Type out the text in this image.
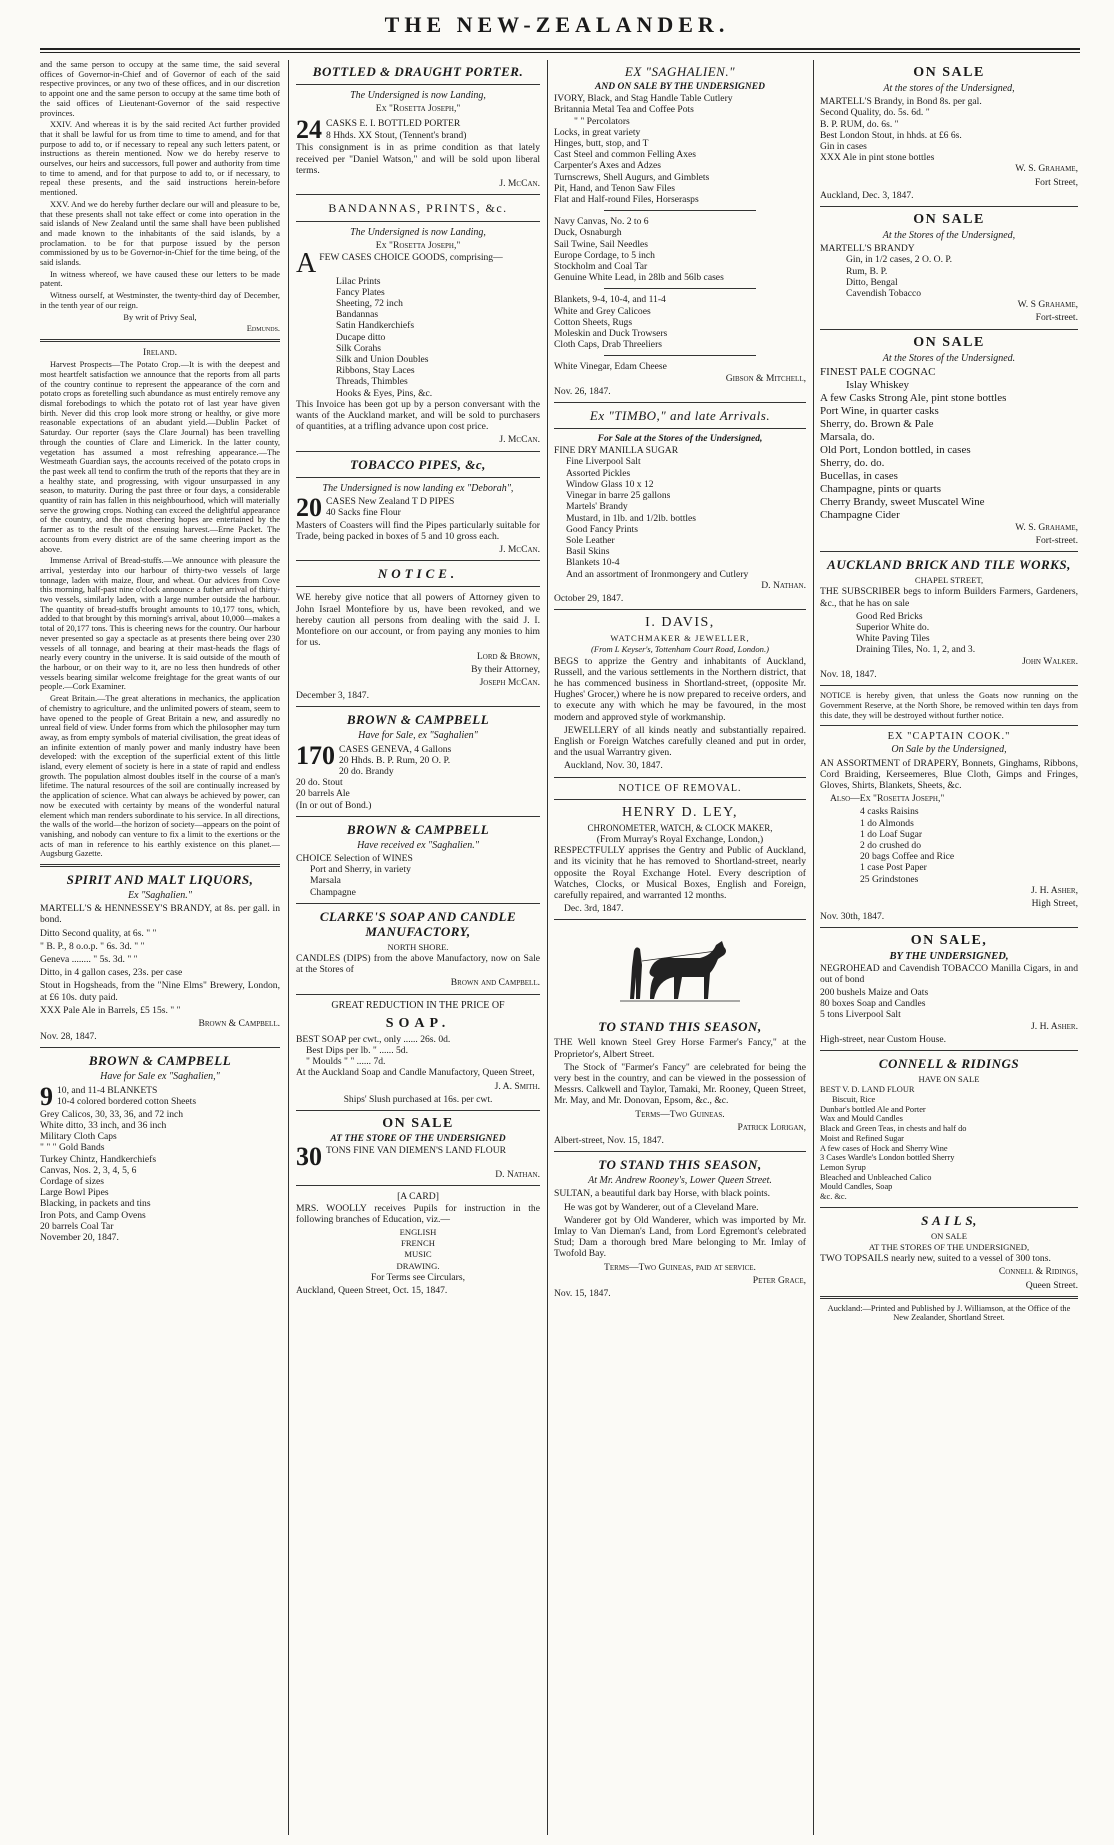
THE NEW-ZEALANDER.

and the same person to occupy at the same time, the said several offices of Governor-in-Chief and of Governor of each of the said respective provinces, or any two of these offices, and in our discretion to appoint one and the same person to occupy at the same time both of the said offices of Lieutenant-Governor of the said respective provinces.

XXIV. And whereas it is by the said recited Act further provided that it shall be lawful for us from time to time to amend, and for that purpose to add to, or if necessary to repeal any such letters patent, or instructions as therein mentioned. Now we do hereby reserve to ourselves, our heirs and successors, full power and authority from time to time to amend, and for that purpose to add to, or if necessary, to repeal these presents, and the said instructions herein-before mentioned.

XXV. And we do hereby further declare our will and pleasure to be, that these presents shall not take effect or come into operation in the said islands of New Zealand until the same shall have been published and made known to the inhabitants of the said islands, by a proclamation. to be for that purpose issued by the person commissioned by us to be Governor-in-Chief for the time being, of the said islands.

In witness whereof, we have caused these our letters to be made patent.

Witness ourself, at Westminster, the twenty-third day of December, in the tenth year of our reign.

By writ of Privy Seal,

Edmunds.

Ireland.

Harvest Prospects—The Potato Crop.—It is with the deepest and most heartfelt satisfaction we announce that the reports from all parts of the country continue to represent the appearance of the corn and potato crops as foretelling such abundance as must entirely remove any dismal forebodings to which the potato rot of last year have given birth. Never did this crop look more strong or healthy, or give more reasonable expectations of an abudant yield.—Dublin Packet of Saturday. Our reporter (says the Clare Journal) has been travelling through the counties of Clare and Limerick. In the latter county, vegetation has assumed a most refreshing appearance.—The Westmeath Guardian says, the accounts received of the potato crops in the past week all tend to confirm the truth of the reports that they are in a healthy state, and progressing, with vigour unsurpassed in any season, to maturity. During the past three or four days, a considerable quantity of rain has fallen in this neighbourhood, which will materially serve the growing crops. Nothing can exceed the delightful appearance of the country, and the most cheering hopes are entertained by the farmer as to the result of the ensuing harvest.—Erne Packet. The accounts from every district are of the same cheering import as the above.

Immense Arrival of Bread-stuffs.—We announce with pleasure the arrival, yesterday into our harbour of thirty-two vessels of large tonnage, laden with maize, flour, and wheat. Our advices from Cove this morning, half-past nine o'clock announce a futher arrival of thirty-two vessels, similarly laden, with a large number outside the harbour. The quantity of bread-stuffs brought amounts to 10,177 tons, which, added to that brought by this morning's arrival, about 10,000—makes a total of 20,177 tons. This is cheering news for the country. Our harbour never presented so gay a spectacle as at presents there being over 230 vessels of all tonnage, and bearing at their mast-heads the flags of nearly every country in the universe. It is said outside of the mouth of the harbour, or on their way to it, are no less then hundreds of other vessels bearing similar welcome freightage for the great wants of our people.—Cork Examiner.

Great Britain.—The great alterations in mechanics, the application of chemistry to agriculture, and the unlimited powers of steam, seem to have opened to the people of Great Britain a new, and assuredly no unreal field of view. Under forms from which the philosopher may turn away, as from empty symbols of material civilisation, the great ideas of an infinite extention of manly power and manly industry have been developed: with the exception of the superficial extent of this little island, every element of society is here in a state of rapid and endless growth. The population almost doubles itself in the course of a man's lifetime. The natural resources of the soil are continually increased by the application of science. What can always be achieved by power, can now be executed with certainty by means of the wonderful natural element which man renders subordinate to his service. In all directions, the walls of the world—the horizon of society—appears on the point of vanishing, and nobody can venture to fix a limit to the exertions or the acts of man in reference to his earthly existence on this planet.—Augsburg Gazette.

SPIRIT AND MALT LIQUORS,
Ex "Saghalien."

MARTELL'S & HENNESSEY'S BRANDY, at 8s. per gall. in bond.

Ditto Second quality, at 6s. " "

" B. P., 8 o.o.p. " 6s. 3d. " "

Geneva ........ " 5s. 3d. " "

Ditto, in 4 gallon cases, 23s. per case

Stout in Hogsheads, from the "Nine Elms" Brewery, London, at £6 10s. duty paid.

XXX Pale Ale in Barrels, £5 15s. " "

Brown & Campbell.

Nov. 28, 1847.

BROWN & CAMPBELL
Have for Sale ex "Saghalien,"
9 10, and 11-4 BLANKETS
10-4 colored bordered cotton Sheets
Grey Calicos, 30, 33, 36, and 72 inch
White ditto, 33 inch, and 36 inch
Military Cloth Caps
" " " Gold Bands
Turkey Chintz, Handkerchiefs
Canvas, Nos. 2, 3, 4, 5, 6
Cordage of sizes
Large Bowl Pipes
Blacking, in packets and tins
Iron Pots, and Camp Ovens
20 barrels Coal Tar
November 20, 1847.
BOTTLED & DRAUGHT PORTER.
The Undersigned is now Landing,
Ex "Rosetta Joseph,"
24 CASKS E. I. BOTTLED PORTER
8 Hhds. XX Stout, (Tennent's brand)

This consignment is in as prime condition as that lately received per "Daniel Watson," and will be sold upon liberal terms.

J. McCan.

BANDANNAS, PRINTS, &c.
The Undersigned is now Landing,
Ex "Rosetta Joseph,"
A FEW CASES CHOICE GOODS, comprising—

Lilac Prints
Fancy Plates
Sheeting, 72 inch
Bandannas
Satin Handkerchiefs
Ducape ditto
Silk Corahs
Silk and Union Doubles
Ribbons, Stay Laces
Threads, Thimbles
Hooks & Eyes, Pins, &c.

This Invoice has been got up by a person conversant with the wants of the Auckland market, and will be sold to purchasers of quantities, at a trifling advance upon cost price.

J. McCan.

TOBACCO PIPES, &c,
The Undersigned is now landing ex "Deborah",
20 CASES New Zealand T D PIPES
40 Sacks fine Flour

Masters of Coasters will find the Pipes particularly suitable for Trade, being packed in boxes of 5 and 10 gross each.

J. McCan.

NOTICE.

WE hereby give notice that all powers of Attorney given to John Israel Montefiore by us, have been revoked, and we hereby caution all persons from dealing with the said J. I. Montefiore on our account, or from paying any monies to him for us.

Lord & Brown,

By their Attorney,

Joseph McCan.

December 3, 1847.

BROWN & CAMPBELL
Have for Sale, ex "Saghalien"
170 CASES GENEVA, 4 Gallons
20 Hhds. B. P. Rum, 20 O. P.
20 do. Brandy
20 do. Stout
20 barrels Ale
(In or out of Bond.)
BROWN & CAMPBELL
Have received ex "Saghalien."
CHOICE Selection of WINES
Port and Sherry, in variety
Marsala
Champagne
CLARKE'S SOAP AND CANDLE MANUFACTORY,
NORTH SHORE.

CANDLES (DIPS) from the above Manufactory, now on Sale at the Stores of

Brown and Campbell.

GREAT REDUCTION IN THE PRICE OF
SOAP.
BEST SOAP per cwt., only ...... 26s. 0d.
Best Dips per lb. " ...... 5d.
" Moulds " " ...... 7d.

At the Auckland Soap and Candle Manufactory, Queen Street,

J. A. Smith.

Ships' Slush purchased at 16s. per cwt.

ON SALE
AT THE STORE OF THE UNDERSIGNED
30 TONS FINE VAN DIEMEN'S LAND FLOUR

D. Nathan.

[A CARD]

MRS. WOOLLY receives Pupils for instruction in the following branches of Education, viz.—

ENGLISH
FRENCH
MUSIC
DRAWING.

For Terms see Circulars,

Auckland, Queen Street, Oct. 15, 1847.

EX "SAGHALIEN."
AND ON SALE BY THE UNDERSIGNED
IVORY, Black, and Stag Handle Table Cutlery
Britannia Metal Tea and Coffee Pots
" " Percolators
Locks, in great variety
Hinges, butt, stop, and T
Cast Steel and common Felling Axes
Carpenter's Axes and Adzes
Turnscrews, Shell Augurs, and Gimblets
Pit, Hand, and Tenon Saw Files
Flat and Half-round Files, Horserasps
Navy Canvas, No. 2 to 6
Duck, Osnaburgh
Sail Twine, Sail Needles
Europe Cordage, to 5 inch
Stockholm and Coal Tar
Genuine White Lead, in 28lb and 56lb cases
Blankets, 9-4, 10-4, and 11-4
White and Grey Calicoes
Cotton Sheets, Rugs
Moleskin and Duck Trowsers
Cloth Caps, Drab Threeliers
White Vinegar, Edam Cheese

Gibson & Mitchell,

Nov. 26, 1847.

Ex "TIMBO," and late Arrivals.
For Sale at the Stores of the Undersigned,
FINE DRY MANILLA SUGAR
Fine Liverpool Salt
Assorted Pickles
Window Glass 10 x 12
Vinegar in barre 25 gallons
Martels' Brandy
Mustard, in 1lb. and 1/2lb. bottles
Good Fancy Prints
Sole Leather
Basil Skins
Blankets 10-4
And an assortment of Ironmongery and Cutlery

D. Nathan.

October 29, 1847.

I. DAVIS,
WATCHMAKER & JEWELLER,
(From L Keyser's, Tottenham Court Road, London.)

BEGS to apprize the Gentry and inhabitants of Auckland, Russell, and the various settlements in the Northern district, that he has commenced business in Shortland-street, (opposite Mr. Hughes' Grocer,) where he is now prepared to receive orders, and to execute any with which he may be favoured, in the most modern and approved style of workmanship.

JEWELLERY of all kinds neatly and substantially repaired. English or Foreign Watches carefully cleaned and put in order, and the usual Warrantry given.

Auckland, Nov. 30, 1847.

NOTICE OF REMOVAL.
HENRY D. LEY,
CHRONOMETER, WATCH, & CLOCK MAKER,
(From Murray's Royal Exchange, London,)

RESPECTFULLY apprises the Gentry and Public of Auckland, and its vicinity that he has removed to Shortland-street, nearly opposite the Royal Exchange Hotel. Every description of Watches, Clocks, or Musical Boxes, English and Foreign, carefully repaired, and warranted 12 months.

Dec. 3rd, 1847.

TO STAND THIS SEASON,

THE Well known Steel Grey Horse Farmer's Fancy," at the Proprietor's, Albert Street.

The Stock of "Farmer's Fancy" are celebrated for being the very best in the country, and can be viewed in the possession of Messrs. Calkwell and Taylor, Tamaki, Mr. Rooney, Queen Street, Mr. May, and Mr. Donovan, Epsom, &c., &c.

Terms—Two Guineas.

Patrick Lorigan,

Albert-street, Nov. 15, 1847.

TO STAND THIS SEASON,
At Mr. Andrew Rooney's, Lower Queen Street.

SULTAN, a beautiful dark bay Horse, with black points.

He was got by Wanderer, out of a Cleveland Mare.

Wanderer got by Old Wanderer, which was imported by Mr. Imlay to Van Dieman's Land, from Lord Egremont's celebrated Stud; Dam a thorough bred Mare belonging to Mr. Imlay of Twofold Bay.

Terms—Two Guineas, paid at service.

Peter Grace,

Nov. 15, 1847.

ON SALE
At the stores of the Undersigned,
MARTELL'S Brandy, in Bond 8s. per gal.
Second Quality, do. 5s. 6d. "
B. P. RUM, do. 6s. "
Best London Stout, in hhds. at £6 6s.
Gin in cases
XXX Ale in pint stone bottles

W. S. Grahame,

Fort Street,

Auckland, Dec. 3, 1847.

ON SALE
At the Stores of the Undersigned,
MARTELL'S BRANDY
Gin, in 1/2 cases, 2 O. O. P.
Rum, B. P.
Ditto, Bengal
Cavendish Tobacco

W. S Grahame,

Fort-street.

ON SALE
At the Stores of the Undersigned.
FINEST PALE COGNAC
Islay Whiskey
A few Casks Strong Ale, pint stone bottles
Port Wine, in quarter casks
Sherry, do. Brown & Pale
Marsala, do.
Old Port, London bottled, in cases
Sherry, do. do.
Bucellas, in cases
Champagne, pints or quarts
Cherry Brandy, sweet Muscatel Wine
Champagne Cider

W. S. Grahame,

Fort-street.

AUCKLAND BRICK AND TILE WORKS,
CHAPEL STREET,

THE SUBSCRIBER begs to inform Builders Farmers, Gardeners, &c., that he has on sale

Good Red Bricks
Superior White do.
White Paving Tiles
Draining Tiles, No. 1, 2, and 3.

John Walker.

Nov. 18, 1847.

NOTICE is hereby given, that unless the Goats now running on the Government Reserve, at the North Shore, be removed within ten days from this date, they will be destroyed without further notice.

EX "CAPTAIN COOK."
On Sale by the Undersigned,

AN ASSORTMENT of DRAPERY, Bonnets, Ginghams, Ribbons, Cord Braiding, Kerseemeres, Blue Cloth, Gimps and Fringes, Gloves, Shirts, Blankets, Sheets, &c.

Also—Ex "Rosetta Joseph,"

4 casks Raisins
1 do Almonds
1 do Loaf Sugar
2 do crushed do
20 bags Coffee and Rice
1 case Post Paper
25 Grindstones

J. H. Asher,

High Street,

Nov. 30th, 1847.

ON SALE,
BY THE UNDERSIGNED,

NEGROHEAD and Cavendish TOBACCO Manilla Cigars, in and out of bond

200 bushels Maize and Oats
80 boxes Soap and Candles
5 tons Liverpool Salt

J. H. Asher.

High-street, near Custom House.

CONNELL & RIDINGS
HAVE ON SALE
BEST V. D. LAND FLOUR
Biscuit, Rice
Dunbar's bottled Ale and Porter
Wax and Mould Candles
Black and Green Teas, in chests and half do
Moist and Refined Sugar
A few cases of Hock and Sherry Wine
3 Cases Wardle's London bottled Sherry
Lemon Syrup
Bleached and Unbleached Calico
Mould Candles, Soap
&c. &c.
S A I L S,
ON SALE
AT THE STORES OF THE UNDERSIGNED,

TWO TOPSAILS nearly new, suited to a vessel of 300 tons.

Connell & Ridings,

Queen Street.

Auckland:—Printed and Published by J. Williamson, at the Office of the New Zealander, Shortland Street.
